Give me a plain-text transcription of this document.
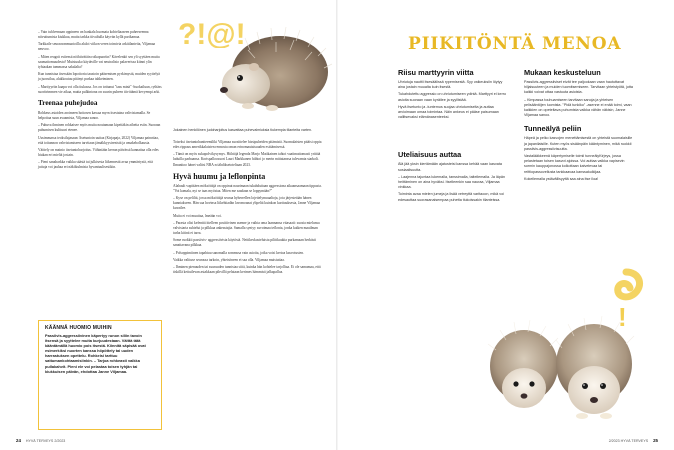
?!@!
Jokainen henkilönen judoharjoitus kasvattaa puhevalmiuksia tiukempia tilanteita varten.

– Vain tuhlvemaan oppineen on hankala huomata kohteliaaseen puheeseenna niivuttumista kiukkua, mutta tarkka tiivaltulla käyvän kyllä parikamaa.

Tarkkaile seuraavanmuotoilla alaloi viikon veren toimivia arkitilanteita, Viljamaa neuvoo.

– Miten reagoit esiiensä nöihtivätäin roikapuoriin? Kävelenkö sen yli syyttäen mutta saamattomuudesta? Muistuuko käytäville vai neutralisio palaverissa kiinni ylin tyhtaakan tummassa sakalalta?

Kun tunnistaa itsessään lopottoria taustoin pääsemisen pyrkimystä, muiden syyttelyä ja juoruilua, alukkoutuu pitänyt purkaa tahkeiminen.

– Marttyyriin kaapu voi olla tiukassa. Jos on tottunut "taas minä" -huokailuun, rythäss suoritrimmen vie aikaa, mutta pulkintona on suurin puheen tiivittämä kevyempi arki.

Treenaa puhejudoa

Rohkeus astoiden aroimeen hottosen kassaa myrn itsestaina valtvistamalla. Se helpottaa suun avaamista, Viljamaa sanoo.

– Puhuva ihminen rohkaisee myös muita noutamaan kipeitäkin aiheita esiin. Suoraan puhumisen kulttuuri etenee.

Uusimmassa teoksilajasaan: Itsetuntoin uuttaa (Kirjapaja, 2022) Viljamaa painottaa, että toitunnon vahvistamiseen tarvitaan jämäkkyysirenistä ja omakeholkausta.

Väittely on mainio itsetuntoharjoitus. Vähintään kerran päivässä kannattaa olla edes hiukan eri mieltä jostain.

– Pieni sanaharkka vaikka säästä tai julkisesta liikennestä avaa ymmärtystä, että juttuja voi jauhaa eri näkökulmista hyvantuulisestikin.

KÄÄNNÄ HUOMIO MUIHIN
Passiivis-aggressiivinen käpertyy runon siliin tavoin itsensä ja syyttelee muita kurjuudestaan. Välttä tätä kääntämällä huomio pois itsestä. Kiinnitä säpisää ovat esimerkiksi nuorten kanssa höpöttely tai uuden harrastuksen opettelu. Rohkeisi tarttuu sattumankohtaamisiinkin. – Tarjoa rohkeasti vaikka pullakahvit. Pieni ele voi pelastaa toisen tyhjän tai kiukkuisen päivän, ehdottaa Janne Viljamaa.

Toiseksi itsetuntohantteemiliki Viljamaa suosittelee hissipuheiden pitämistä. Suomalaisten pitäisi oppia edes rippaus amerikkalaisten rennosta oman erinomautaisuuden esittämisessä.

– Tämä on myös sukupolvikysymys. Hiihtäjä legenda Marjo Matikainen tahtoi vaatimattomasti yrittää laduilla parhaansa. Korispalloosuori Lauri Markkanen hiihtoi jo merin mittatanssa tulevamta starkoli. Ilmanitoo hänet valitsi NBA:n tähdiksetoteltaan 2023.

Hyvä huumu ja leflonpinta

Alahault vapiitäen möksöttäjä on oppinut naurimaan tukahduttaan aggressiona aikaansaamaan tippusta. "Voi kamala, nyt se taas myöstaa. Miten me saadaan se loppymään?"

– Kyse on peliltä, jossa möksöttäjä seuraa hyherrellen lojettelymuualtoja, jota järjestetään hänen kunniakseen. Hän saa hovinsa liikehtiadän lavomoanat ylipeltä kuinkon kurttuuksesta, Janne Viljamaa kuvailee.

Muita ei voi muuttaa, lmeään voi.

– Parasta olisi kefenttä ittelleen positiivinen asenne ja vaihta oma laannansa vitasaati: suosia mielunsa valvistaria suhtelut ja pilkkaa ankeastajia. Samalla syntyy suvoimaa teflonia, jonka kaiken maailman turha kitinä ei tarra.

Some ruokkii passiivis- aggressiivista käytöstä. Nettikeskusteluista pilittkuukia purkamaan herkästi sanattavana pilkkaa.

– Polsoppimiinen tapahtuu sanomalla sommssa vain asioita, jotka voisi kertoa kasvotusten.

Vaikka valituse seurassa tarkoin, yhteisöneen ei saa olla. Viljamaa muistuttaa.

– Ihminen pienuuden tai suuruuden tunnistaa siitä, kuinka hän kohtelee tarjolltaa. Ei ole samamaa, että tiskillä kettuilevan astakkaan pihvillä pelataan kerimes hämmisä jalkapalloa.

PIIKITÖNTÄ MENOA
Riisu marttyyrin viitta

Uhriutuja nauttii itsesäälissä rypemisestä. Syy vaikeuksiin löytyy aina jostain muualta kuin itsestä.

Tukahdutettu aggressio on uhriutumiseen ydintä. Marttyyri ei kerro asioita suoraan vaan kyräilee ja syyllistää.

Hyvä itsetunto ja -tuntemus suojaa uhriutumiselta ja auttaa arvioimaan omaa toimintaa. Näin ankeus ei pääse paisumaan vallitsevaksi elämänasenteeksi.

Uteliaisuus auttaa

Älä jää yksin kiertämään ajatusteisi kanssa kehää vaan kasvata sosiaalisuutta.

– Laajenna tajuntaa lukemalla, tanssimalla, taiteilemalla. Ja läpän heittäminen on aina hyväksi. Itselleenkin saa nauraa, Viljamaa vinkkaa.

Toiminta avaa mielen jumeja ja lisää vetreyttä varitaoon, mikä voi edesauttaa suorasanaisempaa puhetta tiukoissakin tilanteissa.

Mukaan keskusteluun

Passiivis-aggressiiviset eivät tee paljookaan vaan haututtavat hiljaisuuteen ja muiden tuomitsemiseen. Tarvitaan yhteistyötä, jotta kaikki voivat ottaa vastuuta asioista.

– Kimpassa touhuamiseen tarvitaan sanoja ja yhteisen pelisääntöjen luomista. "Pidä tunkiko" -asenne ei enää toimi, vaan kaikkien on opeteltava puhumista vaikka vähän väkisin, Janne Viljamaa sanoo.

Tunneälyä peliin

Häpeä ja pelko kasvojen menettämisestä on yhteistä suomalaisille ja japanilaisille. Kuten myös sisäänpäin kääntyminen, mikä ruokkii passiivis-aggressiivisuutta.

Vastalääkkeenä käpertymiselle toimii tunneälyKirjeys, jossa pelastetaan toisen kasvot ajoissa. Voi auttaa vaikka vapisevin sormin kauppajonossa kolkottaan kaivelevaa tai reittiopassovellusta tankkaavaa kanssakulkijaa.

Kokeilemalla ystävällisyyttä saa aina itse iloa!

!
24 HYVÄ TERVEYS 2/2023	2/2023 HYVÄ TERVEYS 25
